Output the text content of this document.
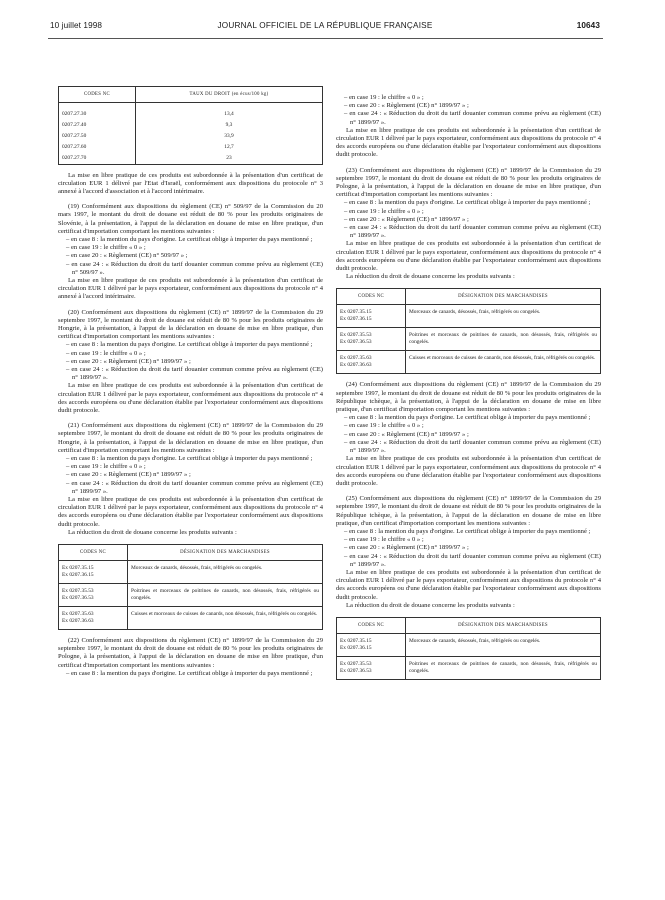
10 juillet 1998	JOURNAL OFFICIEL DE LA RÉPUBLIQUE FRANÇAISE	10643
CODES NC	TAUX DU DROIT (en écus/100 kg)

0207.27.30	13,4
0207.27.40	9,3
0207.27.50	33,9
0207.27.60	12,7
0207.27.70	23

La mise en libre pratique de ces produits est subordonnée à la présentation d'un certificat de circulation EUR 1 délivré par l'Etat d'Israël, conformément aux dispositions du protocole n° 3 annexé à l'accord d'association et à l'accord intérimaire.

(19) Conformément aux dispositions du règlement (CE) n° 509/97 de la Commission du 20 mars 1997, le montant du droit de douane est réduit de 80 % pour les produits originaires de Slovénie, à la présentation, à l'appui de la déclaration en douane de mise en libre pratique, d'un certificat d'importation comportant les mentions suivantes :

– en case 8 : la mention du pays d'origine. Le certificat oblige à importer du pays mentionné ;
– en case 19 : le chiffre « 0 » ;
– en case 20 : « Règlement (CE) n° 509/97 » ;
– en case 24 : « Réduction du droit du tarif douanier commun comme prévu au règlement (CE) n° 509/97 ».

La mise en libre pratique de ces produits est subordonnée à la présentation d'un certificat de circulation EUR 1 délivré par le pays exportateur, conformément aux dispositions du protocole n° 4 annexé à l'accord intérimaire.

(20) Conformément aux dispositions du règlement (CE) n° 1899/97 de la Commission du 29 septembre 1997, le montant du droit de douane est réduit de 80 % pour les produits originaires de Hongrie, à la présentation, à l'appui de la déclaration en douane de mise en libre pratique, d'un certificat d'importation comportant les mentions suivantes :

– en case 8 : la mention du pays d'origine. Le certificat oblige à importer du pays mentionné ;
– en case 19 : le chiffre « 0 » ;
– en case 20 : « Règlement (CE) n° 1899/97 » ;
– en case 24 : « Réduction du droit du tarif douanier commun comme prévu au règlement (CE) n° 1899/97 ».

La mise en libre pratique de ces produits est subordonnée à la présentation d'un certificat de circulation EUR 1 délivré par le pays exportateur, conformément aux dispositions du protocole n° 4 des accords européens ou d'une déclaration établie par l'exportateur conformément aux dispositions dudit protocole.

(21) Conformément aux dispositions du règlement (CE) n° 1899/97 de la Commission du 29 septembre 1997, le montant du droit de douane est réduit de 80 % pour les produits originaires de Hongrie, à la présentation, à l'appui de la déclaration en douane de mise en libre pratique, d'un certificat d'importation comportant les mentions suivantes :

– en case 8 : la mention du pays d'origine. Le certificat oblige à importer du pays mentionné ;
– en case 19 : le chiffre « 0 » ;
– en case 20 : « Règlement (CE) n° 1899/97 » ;
– en case 24 : « Réduction du droit du tarif douanier commun comme prévu au règlement (CE) n° 1899/97 ».

La mise en libre pratique de ces produits est subordonnée à la présentation d'un certificat de circulation EUR 1 délivré par le pays exportateur, conformément aux dispositions du protocole n° 4 des accords européens ou d'une déclaration établie par l'exportateur conformément aux dispositions dudit protocole.

La réduction du droit de douane concerne les produits suivants :

CODES NC	DÉSIGNATION DES MARCHANDISES

Ex 0207.35.15
Ex 0207.36.15	Morceaux de canards, désossés, frais, réfrigérés ou congelés.

Ex 0207.35.53
Ex 0207.36.53	Poitrines et morceaux de poitrines de canards, non désossés, frais, réfrigérés ou congelés.

Ex 0207.35.63
Ex 0207.36.63	Cuisses et morceaux de cuisses de canards, non désossés, frais, réfrigérés ou congelés.

(22) Conformément aux dispositions du règlement (CE) n° 1899/97 de la Commission du 29 septembre 1997, le montant du droit de douane est réduit de 80 % pour les produits originaires de Pologne, à la présentation, à l'appui de la déclaration en douane de mise en libre pratique, d'un certificat d'importation comportant les mentions suivantes :

– en case 8 : la mention du pays d'origine. Le certificat oblige à importer du pays mentionné ;
– en case 19 : le chiffre « 0 » ;
– en case 20 : « Règlement (CE) n° 1899/97 » ;
– en case 24 : « Réduction du droit du tarif douanier commun comme prévu au règlement (CE) n° 1899/97 ».

La mise en libre pratique de ces produits est subordonnée à la présentation d'un certificat de circulation EUR 1 délivré par le pays exportateur, conformément aux dispositions du protocole n° 4 des accords européens ou d'une déclaration établie par l'exportateur conformément aux dispositions dudit protocole.

(23) Conformément aux dispositions du règlement (CE) n° 1899/97 de la Commission du 29 septembre 1997, le montant du droit de douane est réduit de 80 % pour les produits originaires de Pologne, à la présentation, à l'appui de la déclaration en douane de mise en libre pratique, d'un certificat d'importation comportant les mentions suivantes :

– en case 8 : la mention du pays d'origine. Le certificat oblige à importer du pays mentionné ;
– en case 19 : le chiffre « 0 » ;
– en case 20 : « Règlement (CE) n° 1899/97 » ;
– en case 24 : « Réduction du droit du tarif douanier commun comme prévu au règlement (CE) n° 1899/97 ».

La mise en libre pratique de ces produits est subordonnée à la présentation d'un certificat de circulation EUR 1 délivré par le pays exportateur, conformément aux dispositions du protocole n° 4 des accords européens ou d'une déclaration établie par l'exportateur conformément aux dispositions dudit protocole.

La réduction du droit de douane concerne les produits suivants :

CODES NC	DÉSIGNATION DES MARCHANDISES

Ex 0207.35.15
Ex 0207.36.15	Morceaux de canards, désossés, frais, réfrigérés ou congelés.

Ex 0207.35.53
Ex 0207.36.53	Poitrines et morceaux de poitrines de canards, non désossés, frais, réfrigérés ou congelés.

Ex 0207.35.63
Ex 0207.36.63	Cuisses et morceaux de cuisses de canards, non désossés, frais, réfrigérés ou congelés.

(24) Conformément aux dispositions du règlement (CE) n° 1899/97 de la Commission du 29 septembre 1997, le montant du droit de douane est réduit de 80 % pour les produits originaires de la République tchèque, à la présentation, à l'appui de la déclaration en douane de mise en libre pratique, d'un certificat d'importation comportant les mentions suivantes :

– en case 8 : la mention du pays d'origine. Le certificat oblige à importer du pays mentionné ;
– en case 19 : le chiffre « 0 » ;
– en case 20 : « Règlement (CE) n° 1899/97 » ;
– en case 24 : « Réduction du droit du tarif douanier commun comme prévu au règlement (CE) n° 1899/97 ».

La mise en libre pratique de ces produits est subordonnée à la présentation d'un certificat de circulation EUR 1 délivré par le pays exportateur, conformément aux dispositions du protocole n° 4 des accords européens ou d'une déclaration établie par l'exportateur conformément aux dispositions dudit protocole.

(25) Conformément aux dispositions du règlement (CE) n° 1899/97 de la Commission du 29 septembre 1997, le montant du droit de douane est réduit de 80 % pour les produits originaires de la République tchèque, à la présentation, à l'appui de la déclaration en douane de mise en libre pratique, d'un certificat d'importation comportant les mentions suivantes :

– en case 8 : la mention du pays d'origine. Le certificat oblige à importer du pays mentionné ;
– en case 19 : le chiffre « 0 » ;
– en case 20 : « Règlement (CE) n° 1899/97 » ;
– en case 24 : « Réduction du droit du tarif douanier commun comme prévu au règlement (CE) n° 1899/97 ».

La mise en libre pratique de ces produits est subordonnée à la présentation d'un certificat de circulation EUR 1 délivré par le pays exportateur, conformément aux dispositions du protocole n° 4 des accords européens ou d'une déclaration établie par l'exportateur conformément aux dispositions dudit protocole.

La réduction du droit de douane concerne les produits suivants :

CODES NC	DÉSIGNATION DES MARCHANDISES

Ex 0207.35.15
Ex 0207.36.15	Morceaux de canards, désossés, frais, réfrigérés ou congelés.

Ex 0207.35.53
Ex 0207.36.53	Poitrines et morceaux de poitrines de canards, non désossés, frais, réfrigérés ou congelés.
